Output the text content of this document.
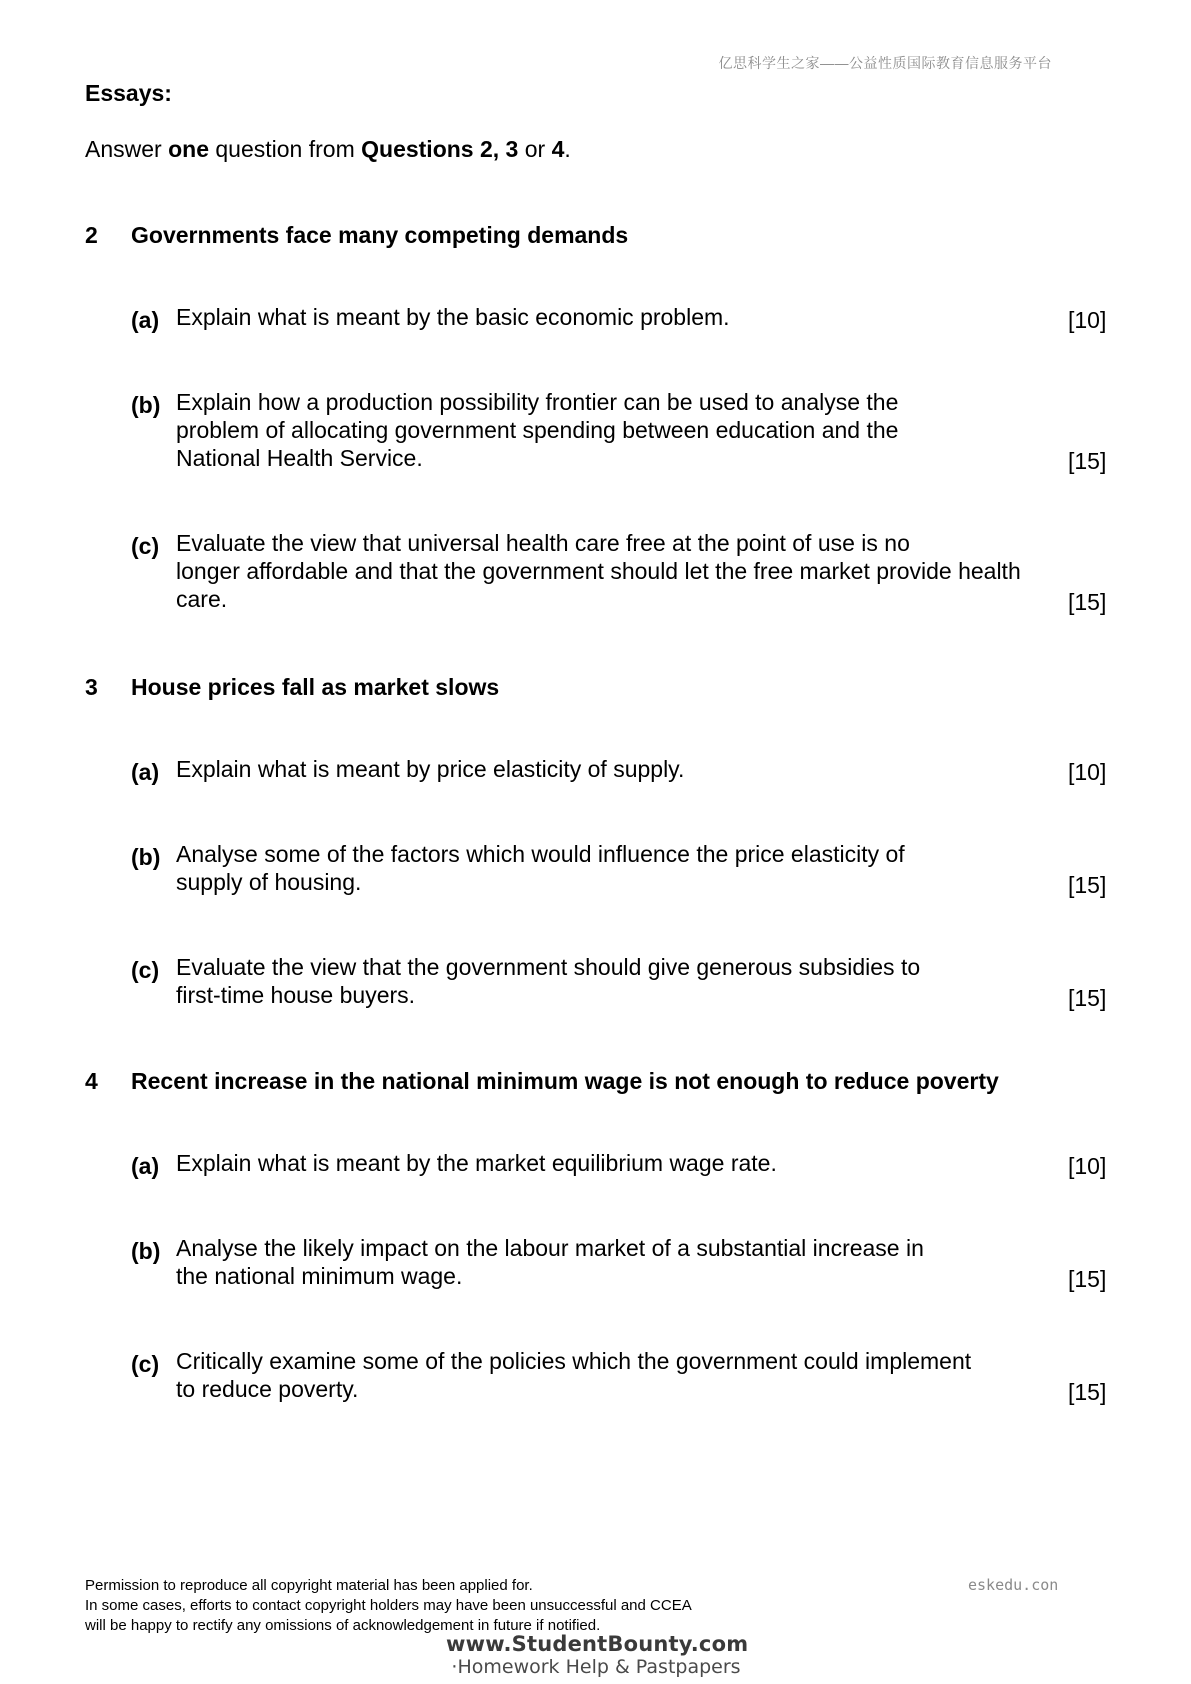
亿思科学生之家——公益性质国际教育信息服务平台
Essays:
Answer one question from Questions 2, 3 or 4.
2 Governments face many competing demands
(a) Explain what is meant by the basic economic problem.	[10]
(b) Explain how a production possibility frontier can be used to analyse the
problem of allocating government spending between education and the
National Health Service.	[15]
(c) Evaluate the view that universal health care free at the point of use is no
longer affordable and that the government should let the free market provide health
care.	[15]
3 House prices fall as market slows
(a) Explain what is meant by price elasticity of supply.	[10]
(b) Analyse some of the factors which would influence the price elasticity of
supply of housing.	[15]
(c) Evaluate the view that the government should give generous subsidies to
first-time house buyers.	[15]
4 Recent increase in the national minimum wage is not enough to reduce poverty
(a) Explain what is meant by the market equilibrium wage rate.	[10]
(b) Analyse the likely impact on the labour market of a substantial increase in
the national minimum wage.	[15]
(c) Critically examine some of the policies which the government could implement
to reduce poverty.	[15]
Permission to reproduce all copyright material has been applied for.
In some cases, efforts to contact copyright holders may have been unsuccessful and CCEA
will be happy to rectify any omissions of acknowledgement in future if notified.
eskedu.con
www.StudentBounty.com
·Homework Help & Pastpapers
